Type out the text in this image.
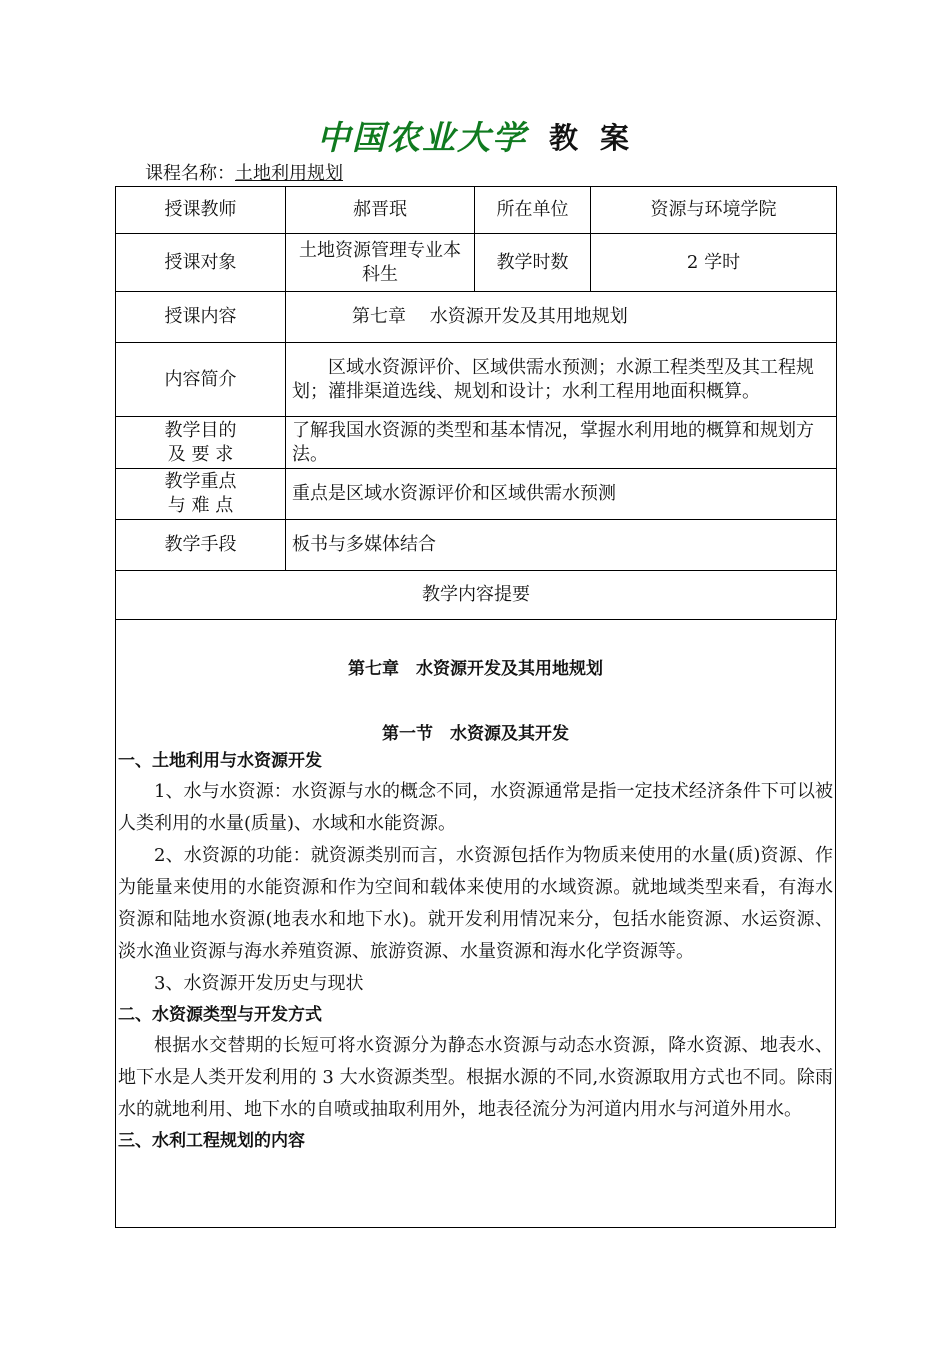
中国农业大学 教 案
课程名称：土地利用规划
授课教师	郝晋珉	所在单位	资源与环境学院
授课对象	土地资源管理专业本科生	教学时数	2 学时
授课内容	第七章　 水资源开发及其用地规划		
内容简介	区域水资源评价、区域供需水预测；水源工程类型及其工程规划；灌排渠道选线、规划和设计；水利工程用地面积概算。		

教学目的
及 要 求	了解我国水资源的类型和基本情况，掌握水利用地的概算和规划方法。		

教学重点
与 难 点	重点是区域水资源评价和区域供需水预测		
教学手段	板书与多媒体结合		
教学内容提要			
第七章　水资源开发及其用地规划
第一节　水资源及其开发
一、土地利用与水资源开发
1、水与水资源：水资源与水的概念不同，水资源通常是指一定技术经济条件下可以被人类利用的水量(质量)、水域和水能资源。
2、水资源的功能：就资源类别而言，水资源包括作为物质来使用的水量(质)资源、作为能量来使用的水能资源和作为空间和载体来使用的水域资源。就地域类型来看，有海水资源和陆地水资源(地表水和地下水)。就开发利用情况来分，包括水能资源、水运资源、淡水渔业资源与海水养殖资源、旅游资源、水量资源和海水化学资源等。
3、水资源开发历史与现状
二、水资源类型与开发方式
根据水交替期的长短可将水资源分为静态水资源与动态水资源，降水资源、地表水、地下水是人类开发利用的 3 大水资源类型。根据水源的不同,水资源取用方式也不同。除雨水的就地利用、地下水的自喷或抽取利用外，地表径流分为河道内用水与河道外用水。
三、水利工程规划的内容
